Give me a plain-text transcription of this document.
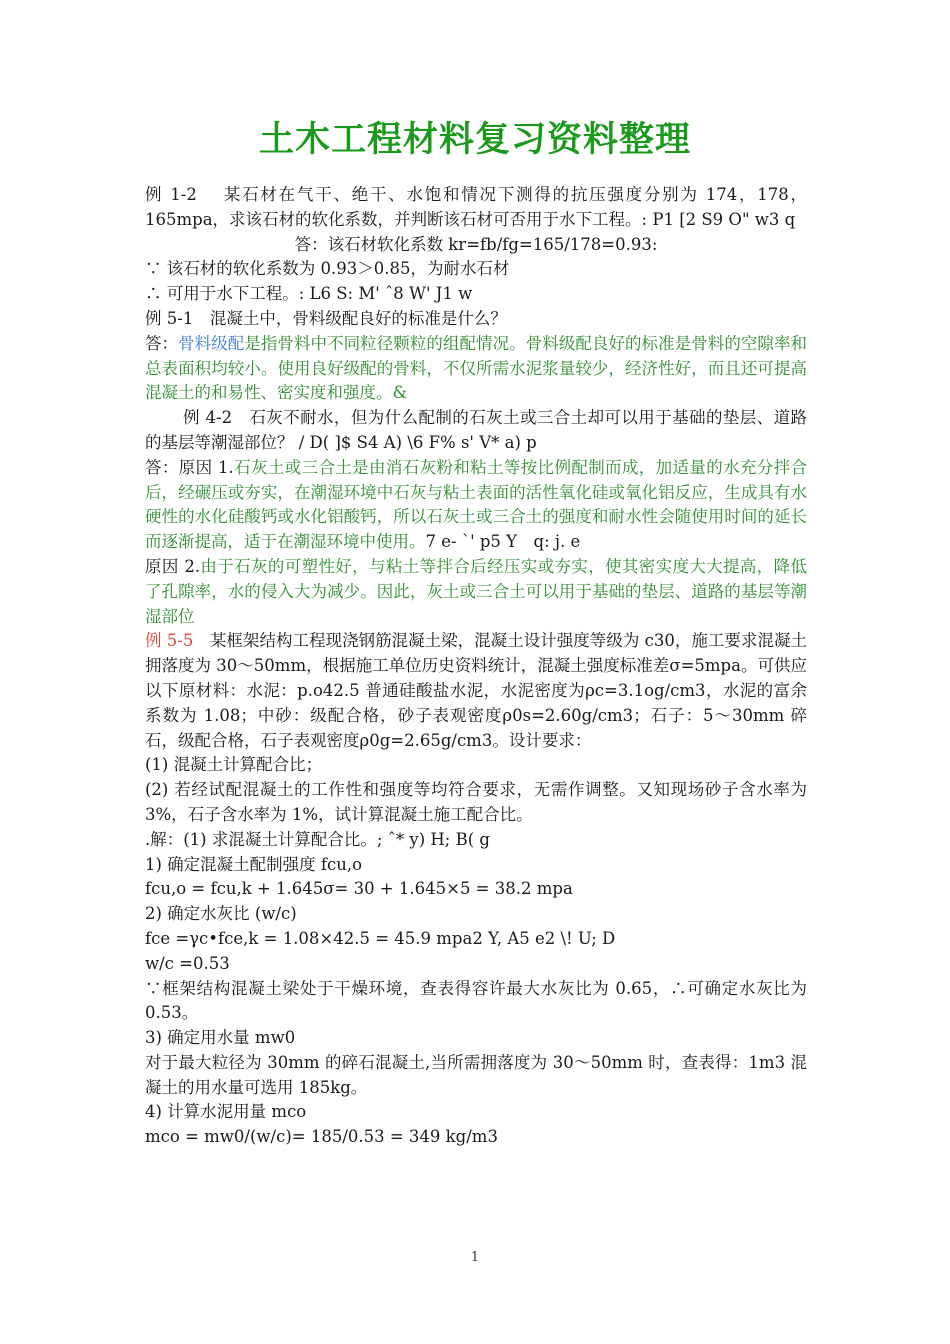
土木工程材料复习资料整理

例 1-2　 某石材在气干、绝干、水饱和情况下测得的抗压强度分别为 174，178，165mpa，求该石材的软化系数，并判断该石材可否用于水下工程。: P1 [2 S9 O" w3 q

答：该石材软化系数 kr=fb/fg=165/178=0.93:

∵ 该石材的软化系数为 0.93＞0.85，为耐水石材

∴ 可用于水下工程。: L6 S: M' ˆ8 W' J1 w

例 5-1　混凝土中，骨料级配良好的标准是什么？

答：骨料级配是指骨料中不同粒径颗粒的组配情况。骨料级配良好的标准是骨料的空隙率和总表面积均较小。使用良好级配的骨料，不仅所需水泥浆量较少，经济性好，而且还可提高混凝土的和易性、密实度和强度。&

例 4-2　石灰不耐水，但为什么配制的石灰土或三合土却可以用于基础的垫层、道路的基层等潮湿部位？ / D( ]$ S4 A) \6 F% s' V* a) p

答：原因 1.石灰土或三合土是由消石灰粉和粘土等按比例配制而成，加适量的水充分拌合后，经碾压或夯实，在潮湿环境中石灰与粘土表面的活性氧化硅或氧化铝反应，生成具有水硬性的水化硅酸钙或水化铝酸钙，所以石灰土或三合土的强度和耐水性会随使用时间的延长而逐渐提高，适于在潮湿环境中使用。7 e- `' p5 Y　q: j. e

原因 2.由于石灰的可塑性好，与粘土等拌合后经压实或夯实，使其密实度大大提高，降低了孔隙率，水的侵入大为减少。因此，灰土或三合土可以用于基础的垫层、道路的基层等潮湿部位

例 5-5　某框架结构工程现浇钢筋混凝土梁，混凝土设计强度等级为 c30，施工要求混凝土拥落度为 30～50mm，根据施工单位历史资料统计，混凝土强度标准差σ=5mpa。可供应以下原材料：水泥：p.o42.5 普通硅酸盐水泥，水泥密度为ρc=3.1og/cm3，水泥的富余系数为 1.08；中砂：级配合格，砂子表观密度ρ0s=2.60g/cm3；石子：5～30mm 碎石，级配合格，石子表观密度ρ0g=2.65g/cm3。设计要求：

(1) 混凝土计算配合比；

(2) 若经试配混凝土的工作性和强度等均符合要求，无需作调整。又知现场砂子含水率为 3%，石子含水率为 1%，试计算混凝土施工配合比。

.解：(1) 求混凝土计算配合比。; ˆ* y) H; B( g

1) 确定混凝土配制强度 fcu,o

fcu,o = fcu,k + 1.645σ= 30 + 1.645×5 = 38.2 mpa

2) 确定水灰比 (w/c)

fce =γc•fce,k = 1.08×42.5 = 45.9 mpa2 Y, A5 e2 \! U; D

w/c =0.53

∵框架结构混凝土梁处于干燥环境，查表得容许最大水灰比为 0.65，∴可确定水灰比为 0.53。

3) 确定用水量 mw0

对于最大粒径为 30mm 的碎石混凝土,当所需拥落度为 30～50mm 时，查表得：1m3 混凝土的用水量可选用 185kg。

4) 计算水泥用量 mco

mco = mw0/(w/c)= 185/0.53 = 349 kg/m3

1
